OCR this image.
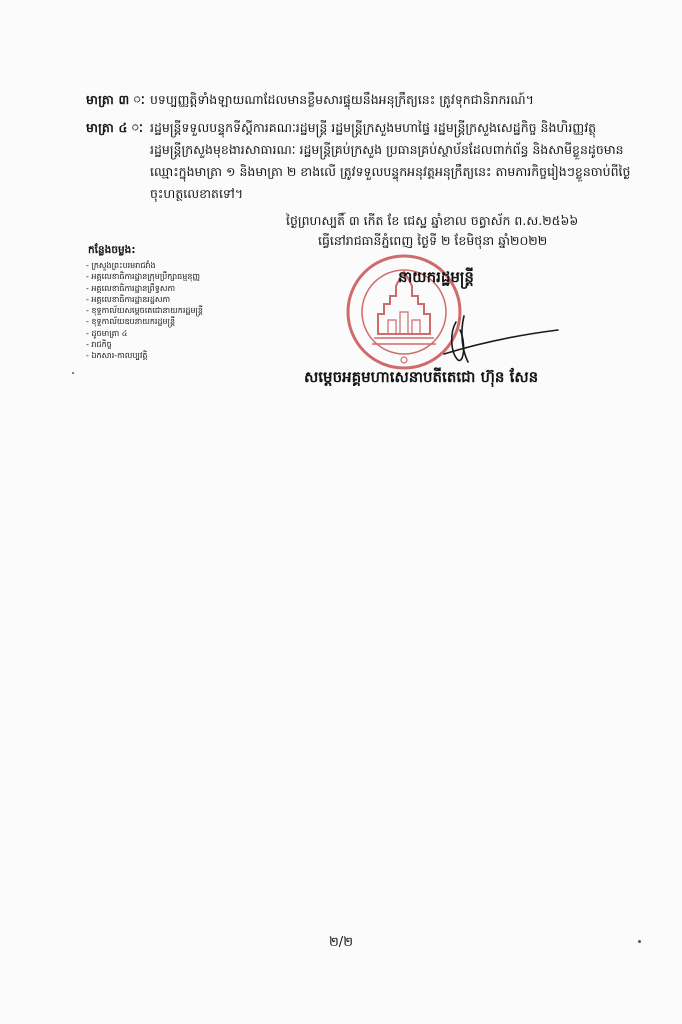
មាត្រា ៣ ៈ បទប្បញ្ញត្តិទាំងឡាយណាដែលមានខ្លឹមសារផ្ទុយនឹងអនុក្រឹត្យនេះ ត្រូវទុកជានិរាករណ៍។
មាត្រា ៤ ៈ រដ្ឋមន្ត្រីទទួលបន្ទុកទីស្តីការគណៈរដ្ឋមន្ត្រី រដ្ឋមន្ត្រីក្រសួងមហាផ្ទៃ រដ្ឋមន្ត្រីក្រសួងសេដ្ឋកិច្ច និងហិរញ្ញវត្ថុ
រដ្ឋមន្ត្រីក្រសួងមុខងារសាធារណៈ រដ្ឋមន្ត្រីគ្រប់ក្រសួង ប្រធានគ្រប់ស្ថាប័នដែលពាក់ព័ន្ធ និងសាមីខ្លួនដូចមាន
ឈ្មោះក្នុងមាត្រា ១ និងមាត្រា ២ ខាងលើ ត្រូវទទួលបន្ទុកអនុវត្តអនុក្រឹត្យនេះ តាមភារកិច្ចរៀងៗខ្លួនចាប់ពីថ្ងៃ
ចុះហត្ថលេខាតទៅ។
ថ្ងៃព្រហស្បតិ៍ ៣ កើត ខែ ជេស្ឋ ឆ្នាំខាល ចត្វាស័ក ព.ស.២៥៦៦
ធ្វើនៅរាជធានីភ្នំពេញ ថ្ងៃទី ២ ខែមិថុនា ឆ្នាំ២០២២
កន្លែងចម្លង:
- ក្រសួងព្រះបរមរាជវាំង
- អគ្គលេខាធិការដ្ឋានក្រុមប្រឹក្សាធម្មនុញ្ញ
- អគ្គលេខាធិការដ្ឋានព្រឹទ្ធសភា
- អគ្គលេខាធិការដ្ឋានរដ្ឋសភា
- ខុទ្ទកាល័យសម្តេចតេជោនាយករដ្ឋមន្ត្រី
- ខុទ្ទកាល័យឧបនាយករដ្ឋមន្ត្រី
- ដូចមាត្រា ៤
- រាជកិច្ច
- ឯកសារ-កាលប្បវត្តិ
នាយករដ្ឋមន្ត្រី
សម្តេចអគ្គមហាសេនាបតីតេជោ ហ៊ុន សែន
២/២
